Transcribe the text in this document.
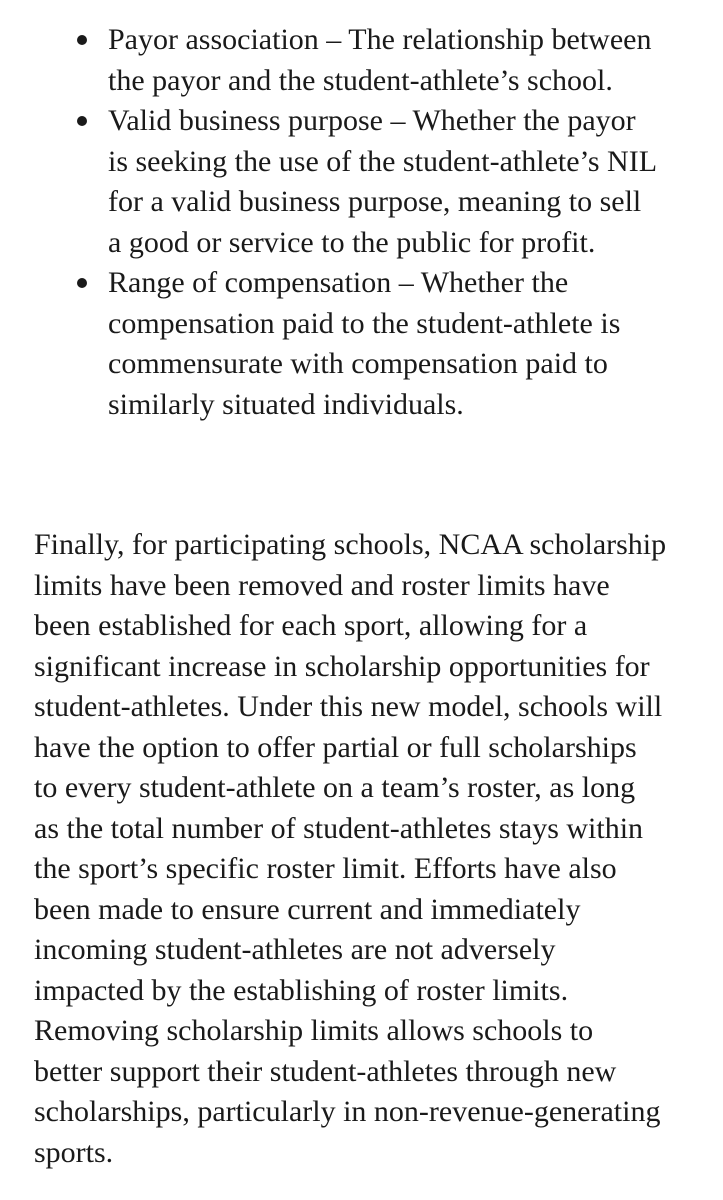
Payor association – The relationship between
the payor and the student-athlete’s school.
Valid business purpose – Whether the payor
is seeking the use of the student-athlete’s NIL
for a valid business purpose, meaning to sell
a good or service to the public for profit.
Range of compensation – Whether the
compensation paid to the student-athlete is
commensurate with compensation paid to
similarly situated individuals.

Finally, for participating schools, NCAA scholarship
limits have been removed and roster limits have
been established for each sport, allowing for a
significant increase in scholarship opportunities for
student-athletes. Under this new model, schools will
have the option to offer partial or full scholarships
to every student-athlete on a team’s roster, as long
as the total number of student-athletes stays within
the sport’s specific roster limit. Efforts have also
been made to ensure current and immediately
incoming student-athletes are not adversely
impacted by the establishing of roster limits.
Removing scholarship limits allows schools to
better support their student-athletes through new
scholarships, particularly in non-revenue-generating
sports.
